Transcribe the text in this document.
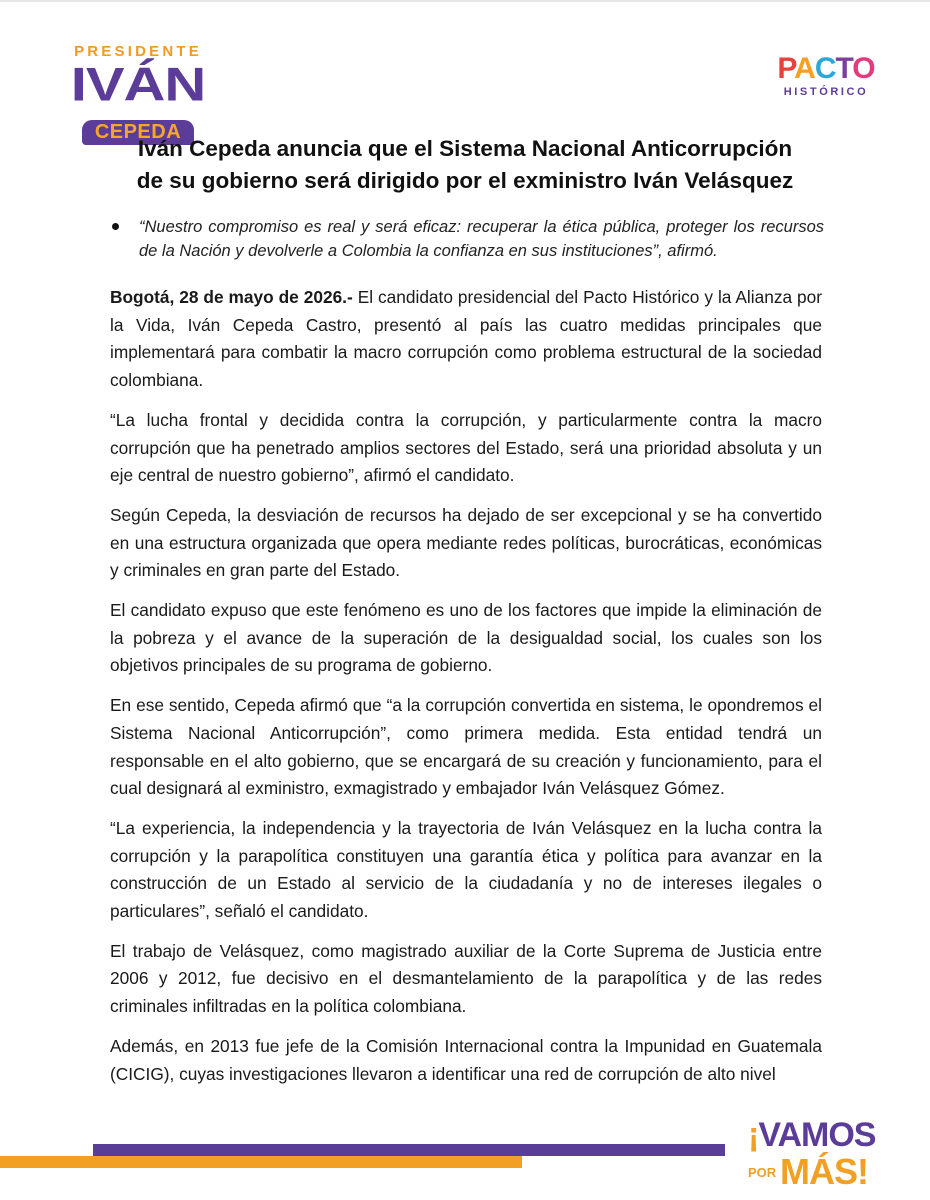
PRESIDENTE
IVÁN
CEPEDA
PACTO
HISTÓRICO
Iván Cepeda anuncia que el Sistema Nacional Anticorrupción
de su gobierno será dirigido por el exministro Iván Velásquez
“Nuestro compromiso es real y será eficaz: recuperar la ética pública, proteger los recursos de la Nación y devolverle a Colombia la confianza en sus instituciones”, afirmó.

Bogotá, 28 de mayo de 2026.- El candidato presidencial del Pacto Histórico y la Alianza por la Vida, Iván Cepeda Castro, presentó al país las cuatro medidas principales que implementará para combatir la macro corrupción como problema estructural de la sociedad colombiana.

“La lucha frontal y decidida contra la corrupción, y particularmente contra la macro corrupción que ha penetrado amplios sectores del Estado, será una prioridad absoluta y un eje central de nuestro gobierno”, afirmó el candidato.

Según Cepeda, la desviación de recursos ha dejado de ser excepcional y se ha convertido en una estructura organizada que opera mediante redes políticas, burocráticas, económicas y criminales en gran parte del Estado.

El candidato expuso que este fenómeno es uno de los factores que impide la eliminación de la pobreza y el avance de la superación de la desigualdad social, los cuales son los objetivos principales de su programa de gobierno.

En ese sentido, Cepeda afirmó que “a la corrupción convertida en sistema, le opondremos el Sistema Nacional Anticorrupción”, como primera medida. Esta entidad tendrá un responsable en el alto gobierno, que se encargará de su creación y funcionamiento, para el cual designará al exministro, exmagistrado y embajador Iván Velásquez Gómez.

“La experiencia, la independencia y la trayectoria de Iván Velásquez en la lucha contra la corrupción y la parapolítica constituyen una garantía ética y política para avanzar en la construcción de un Estado al servicio de la ciudadanía y no de intereses ilegales o particulares”, señaló el candidato.

El trabajo de Velásquez, como magistrado auxiliar de la Corte Suprema de Justicia entre 2006 y 2012, fue decisivo en el desmantelamiento de la parapolítica y de las redes criminales infiltradas en la política colombiana.

Además, en 2013 fue jefe de la Comisión Internacional contra la Impunidad en Guatemala (CICIG), cuyas investigaciones llevaron a identificar una red de corrupción de alto nivel

¡VAMOS
POR MÁS!
